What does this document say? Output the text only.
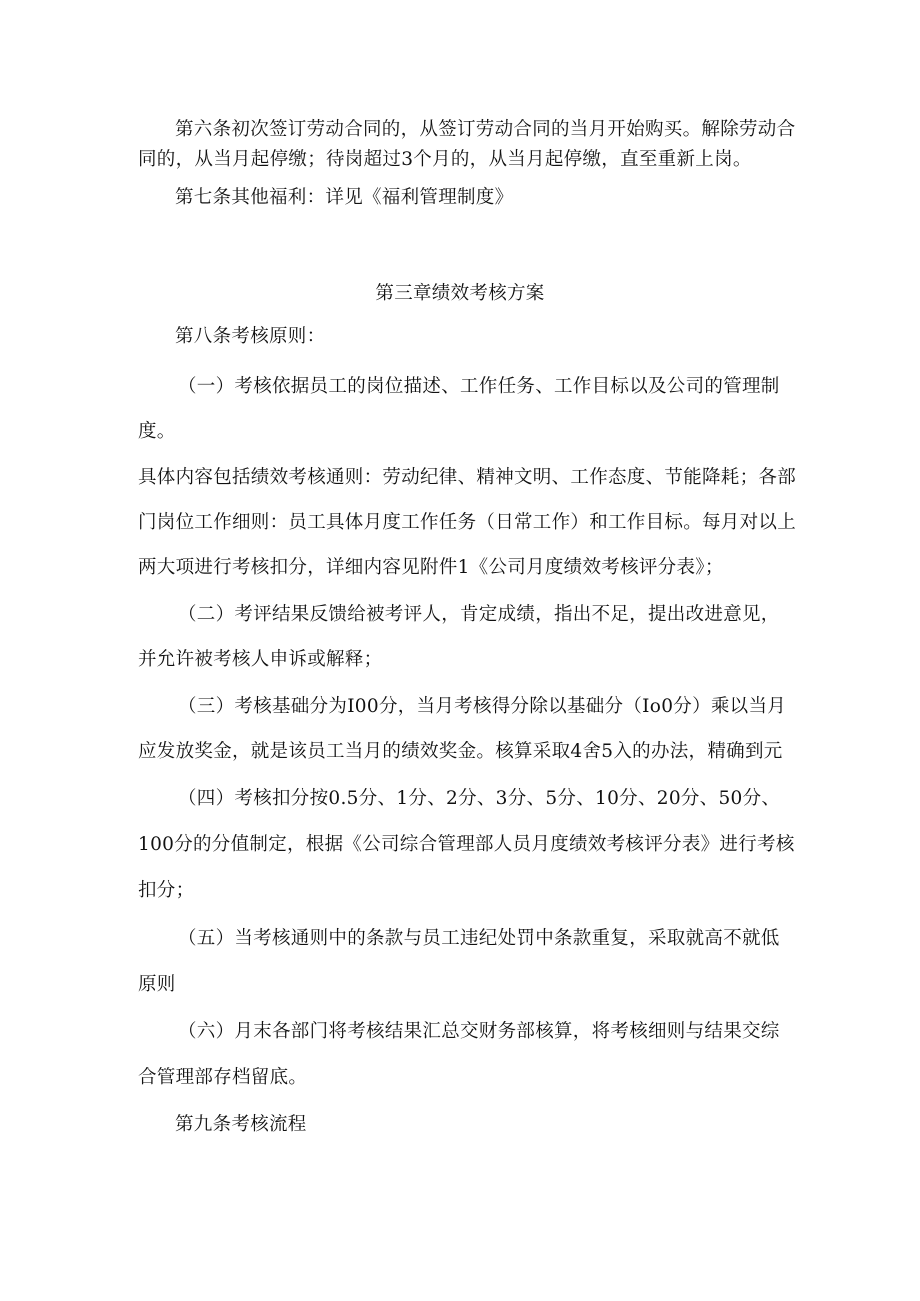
第六条初次签订劳动合同的，从签订劳动合同的当月开始购买。解除劳动合

同的，从当月起停缴；待岗超过3个月的，从当月起停缴，直至重新上岗。

第七条其他福利：详见《福利管理制度》

第三章绩效考核方案

第八条考核原则：

（一）考核依据员工的岗位描述、工作任务、工作目标以及公司的管理制

度。

具体内容包括绩效考核通则：劳动纪律、精神文明、工作态度、节能降耗；各部

门岗位工作细则：员工具体月度工作任务（日常工作）和工作目标。每月对以上

两大项进行考核扣分，详细内容见附件1《公司月度绩效考核评分表》；

（二）考评结果反馈给被考评人，肯定成绩，指出不足，提出改进意见，

并允许被考核人申诉或解释；

（三）考核基础分为I00分，当月考核得分除以基础分（Io0分）乘以当月

应发放奖金，就是该员工当月的绩效奖金。核算采取4舍5入的办法，精确到元

（四）考核扣分按0.5分、1分、2分、3分、5分、10分、20分、50分、

100分的分值制定，根据《公司综合管理部人员月度绩效考核评分表》进行考核

扣分；

（五）当考核通则中的条款与员工违纪处罚中条款重复，采取就高不就低

原则

（六）月末各部门将考核结果汇总交财务部核算，将考核细则与结果交综

合管理部存档留底。

第九条考核流程
